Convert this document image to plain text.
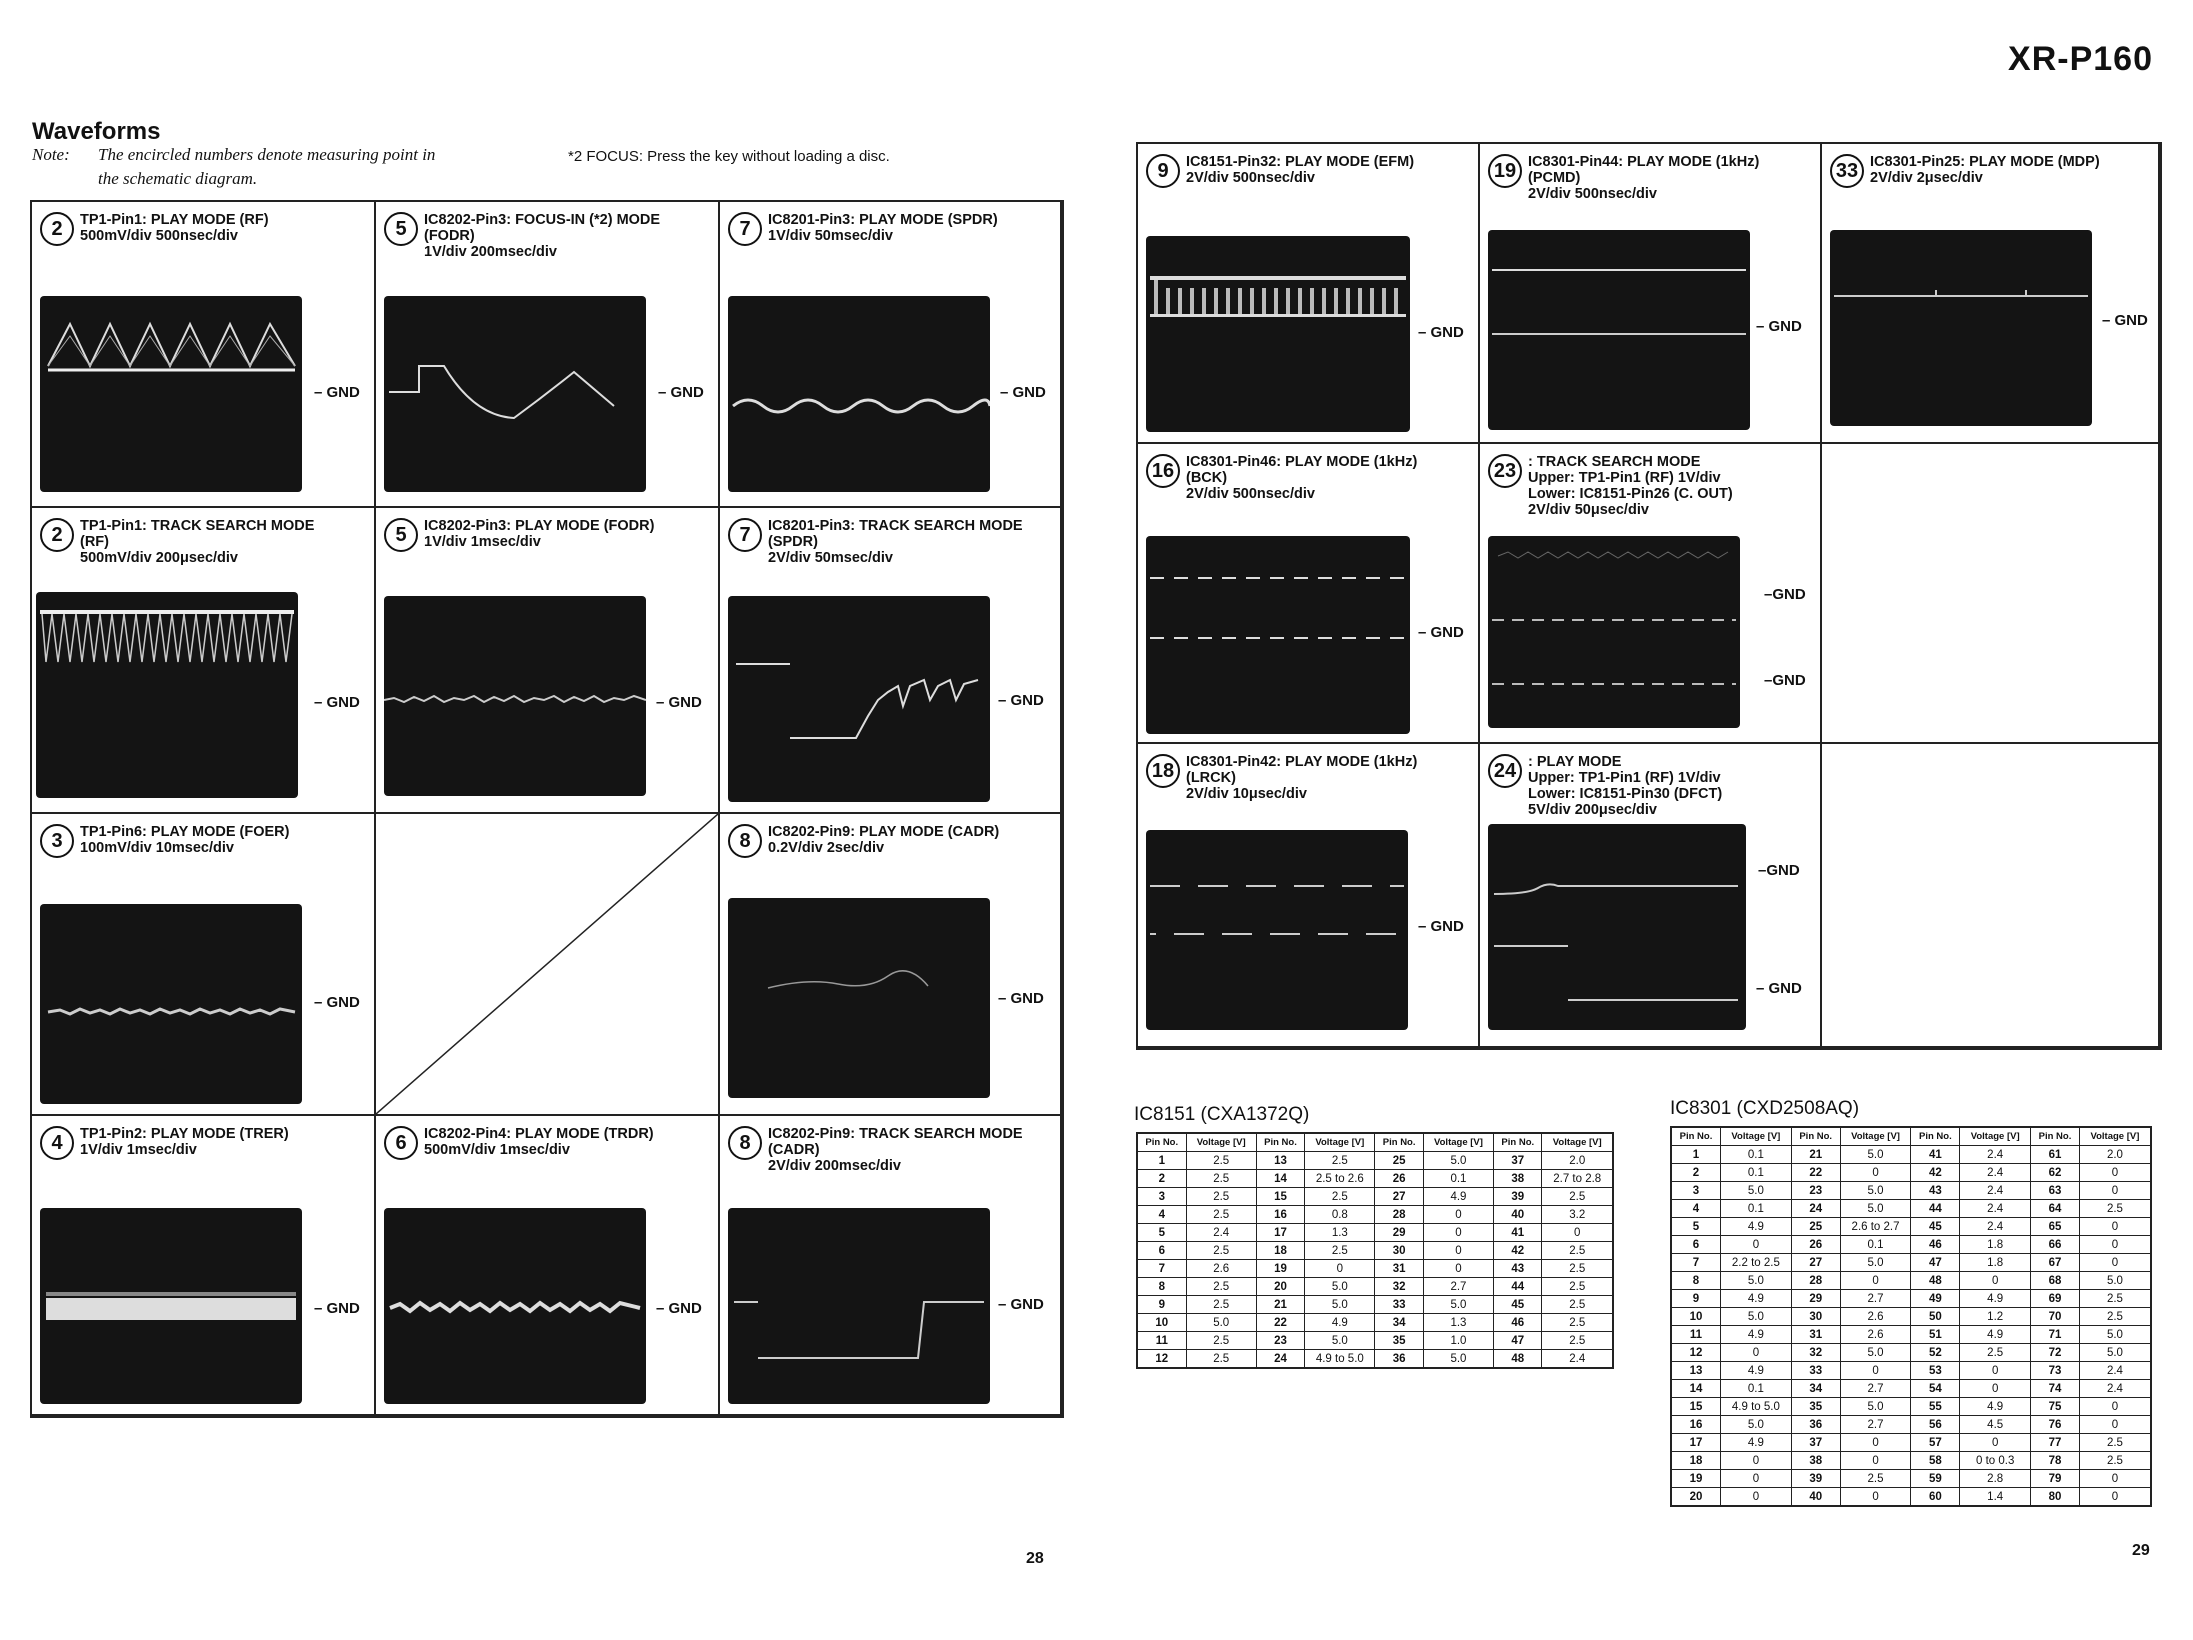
XR-P160
Waveforms
Note: The encircled numbers denote measuring point in
the schematic diagram.
*2 FOCUS: Press the key without loading a disc.
2	TP1-Pin1: PLAY MODE (RF)
500mV/div 500nsec/div
– GND
5	IC8202-Pin3: FOCUS-IN (*2) MODE
(FODR)
1V/div 200msec/div
– GND
7	IC8201-Pin3: PLAY MODE (SPDR)
1V/div 50msec/div
– GND
2	TP1-Pin1: TRACK SEARCH MODE
(RF)
500mV/div 200μsec/div
– GND
5	IC8202-Pin3: PLAY MODE (FODR)
1V/div 1msec/div
– GND
7	IC8201-Pin3: TRACK SEARCH MODE
(SPDR)
2V/div 50msec/div
– GND
3	TP1-Pin6: PLAY MODE (FOER)
100mV/div 10msec/div
– GND
8	IC8202-Pin9: PLAY MODE (CADR)
0.2V/div 2sec/div
– GND
4	TP1-Pin2: PLAY MODE (TRER)
1V/div 1msec/div
– GND
6	IC8202-Pin4: PLAY MODE (TRDR)
500mV/div 1msec/div
– GND
8	IC8202-Pin9: TRACK SEARCH MODE
(CADR)
2V/div 200msec/div
– GND
9	IC8151-Pin32: PLAY MODE (EFM)
2V/div 500nsec/div
– GND
19 IC8301-Pin44: PLAY MODE (1kHz)
(PCMD)
2V/div 500nsec/div
– GND
33 IC8301-Pin25: PLAY MODE (MDP)
2V/div 2μsec/div
– GND
16 IC8301-Pin46: PLAY MODE (1kHz)
(BCK)
2V/div 500nsec/div
– GND
23 : TRACK SEARCH MODE
Upper: TP1-Pin1 (RF) 1V/div
Lower: IC8151-Pin26 (C. OUT)
2V/div 50μsec/div
–GND
–GND
18 IC8301-Pin42: PLAY MODE (1kHz)
(LRCK)
2V/div 10μsec/div
– GND
24 : PLAY MODE
Upper: TP1-Pin1 (RF) 1V/div
Lower: IC8151-Pin30 (DFCT)
5V/div 200μsec/div
–GND
– GND
IC8151 (CXA1372Q)
Pin No.	Voltage [V]	Pin No.	Voltage [V]	Pin No.	Voltage [V]	Pin No.	Voltage [V]
1	2.5	13	2.5	25	5.0	37	2.0
2	2.5	14	2.5 to 2.6	26	0.1	38	2.7 to 2.8
3	2.5	15	2.5	27	4.9	39	2.5
4	2.5	16	0.8	28	0	40	3.2
5	2.4	17	1.3	29	0	41	0
6	2.5	18	2.5	30	0	42	2.5
7	2.6	19	0	31	0	43	2.5
8	2.5	20	5.0	32	2.7	44	2.5
9	2.5	21	5.0	33	5.0	45	2.5
10	5.0	22	4.9	34	1.3	46	2.5
11	2.5	23	5.0	35	1.0	47	2.5
12	2.5	24	4.9 to 5.0	36	5.0	48	2.4
IC8301 (CXD2508AQ)
Pin No.	Voltage [V]	Pin No.	Voltage [V]	Pin No.	Voltage [V]	Pin No.	Voltage [V]
1	0.1	21	5.0	41	2.4	61	2.0
2	0.1	22	0	42	2.4	62	0
3	5.0	23	5.0	43	2.4	63	0
4	0.1	24	5.0	44	2.4	64	2.5
5	4.9	25	2.6 to 2.7	45	2.4	65	0
6	0	26	0.1	46	1.8	66	0
7	2.2 to 2.5	27	5.0	47	1.8	67	0
8	5.0	28	0	48	0	68	5.0
9	4.9	29	2.7	49	4.9	69	2.5
10	5.0	30	2.6	50	1.2	70	2.5
11	4.9	31	2.6	51	4.9	71	5.0
12	0	32	5.0	52	2.5	72	5.0
13	4.9	33	0	53	0	73	2.4
14	0.1	34	2.7	54	0	74	2.4
15	4.9 to 5.0	35	5.0	55	4.9	75	0
16	5.0	36	2.7	56	4.5	76	0
17	4.9	37	0	57	0	77	2.5
18	0	38	0	58	0 to 0.3	78	2.5
19	0	39	2.5	59	2.8	79	0
20	0	40	0	60	1.4	80	0
28	29
